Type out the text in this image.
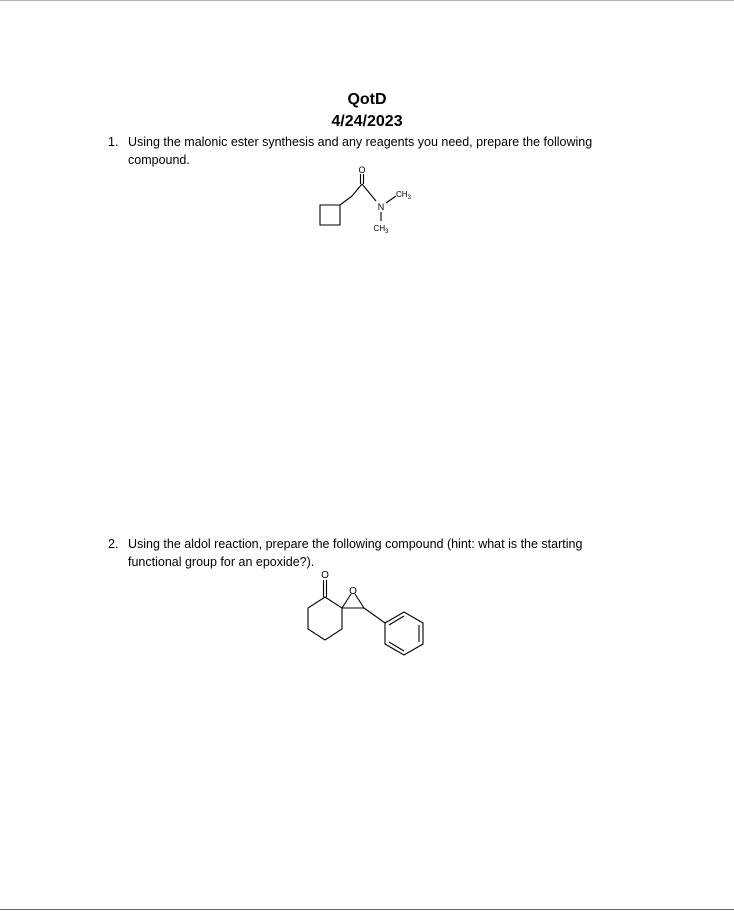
QotD
4/24/2023
1. Using the malonic ester synthesis and any reagents you need, prepare the following compound.
O
N
$CH_3$
$CH_3$
2. Using the aldol reaction, prepare the following compound (hint: what is the starting functional group for an epoxide?).
O
O
